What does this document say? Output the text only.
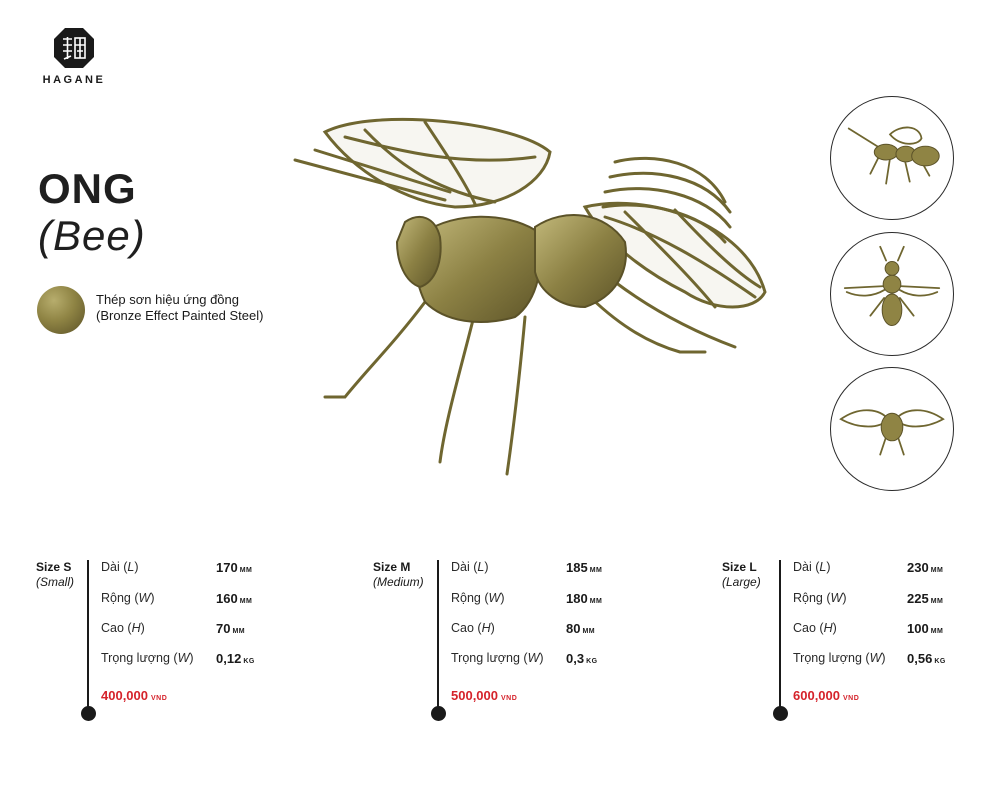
HAGANE
ONG
(Bee)
Thép sơn hiệu ứng đồng
(Bronze Effect Painted Steel)
Size S
(Small)
Dài (L)	170 MM
Rộng (W)	160 MM
Cao (H)	70 MM
Trọng lượng (W) 0,12 KG
400,000 VND
Size M
(Medium)
Dài (L)	185 MM
Rộng (W)	180 MM
Cao (H)	80 MM
Trọng lượng (W) 0,3 KG
500,000 VND
Size L
(Large)
Dài (L)	230 MM
Rộng (W)	225 MM
Cao (H)	100 MM
Trọng lượng (W) 0,56 KG
600,000 VND
